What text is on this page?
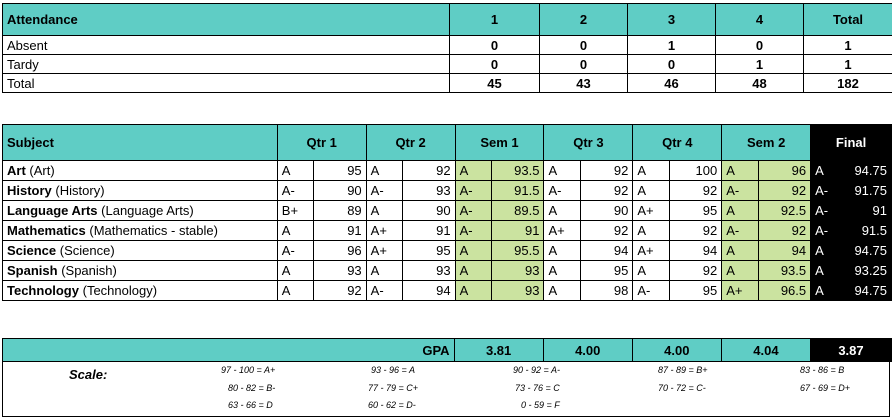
Attendance	1	2	3	4	Total
Absent	0	0	1	0	1
Tardy	0	0	0	1	1
Total	45	43	46	48	182
Subject	Qtr 1		Qtr 2		Sem 1		Qtr 3		Qtr 4		Sem 2		Final	
Art (Art)	A	95	A	92	A	93.5	A	92	A	100	A	96	A	94.75
History (History)	A-	90	A-	93	A-	91.5	A-	92	A	92	A-	92	A-	91.75
Language Arts (Language Arts)	B+	89	A	90	A-	89.5	A	90	A+	95	A	92.5	A-	91
Mathematics (Mathematics - stable)	A	91	A+	91	A-	91	A+	92	A	92	A-	92	A-	91.5
Science (Science)	A-	96	A+	95	A	95.5	A	94	A+	94	A	94	A	94.75
Spanish (Spanish)	A	93	A	93	A	93	A	95	A	92	A	93.5	A	93.25
Technology (Technology)	A	92	A-	94	A	93	A	98	A-	95	A+	96.5	A	94.75
GPA	3.81	4.00	4.00	4.04	3.87
Scale:	97 - 100 = A+	93 - 96 = A	90 - 92 = A-	87 - 89 = B+	83 - 86 = B
80 - 82 = B-	77 - 79 = C+	73 - 76 = C	70 - 72 = C-	67 - 69 = D+
63 - 66 = D	60 - 62 = D-	0 - 59 = F
